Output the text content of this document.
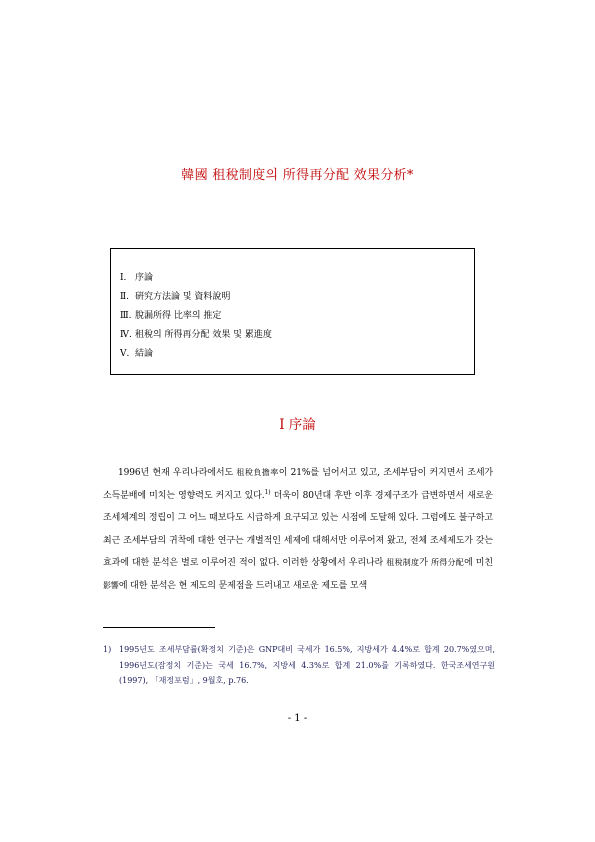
韓國 租稅制度의 所得再分配 效果分析*
Ⅰ. 序論
Ⅱ. 硏究方法論 및 資料說明
Ⅲ. 脫漏所得 比率의 推定
Ⅳ. 租稅의 所得再分配 效果 및 累進度
Ⅴ. 結論
Ⅰ 序論

1996년 현재 우리나라에서도 租稅負擔率이 21%를 넘어서고 있고, 조세부담이 커지면서 조세가 소득분배에 미치는 영향력도 커지고 있다.$^{1)}$ 더욱이 80년대 후반 이후 경제구조가 급변하면서 새로운 조세체계의 정립이 그 어느 때보다도 시급하게 요구되고 있는 시점에 도달해 있다. 그럼에도 불구하고 최근 조세부담의 귀착에 대한 연구는 개별적인 세제에 대해서만 이루어져 왔고, 전체 조세제도가 갖는 효과에 대한 분석은 별로 이루어진 적이 없다. 이러한 상황에서 우리나라 租稅制度가 所得分配에 미친 影響에 대한 분석은 현 제도의 문제점을 드러내고 새로운 제도를 모색

1) 1995년도 조세부담률(확정치 기준)은 GNP대비 국세가 16.5%, 지방세가 4.4%로 합계 20.7%였으며, 1996년도(잠정치 기준)는 국세 16.7%, 지방세 4.3%로 합계 21.0%를 기록하였다. 한국조세연구원(1997), 「재정포럼」, 9월호, p.76.
- 1 -
